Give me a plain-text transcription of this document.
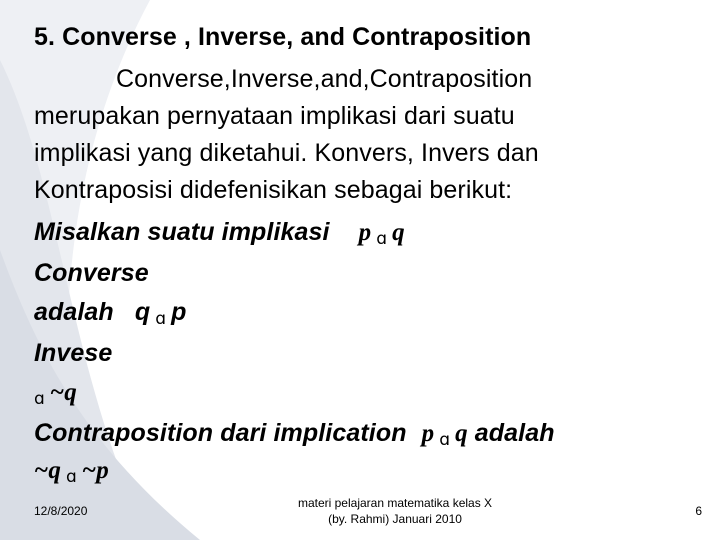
5. Converse , Inverse, and Contraposition
Converse,Inverse,and,Contraposition
merupakan pernyataan implikasi dari suatu
implikasi yang diketahui. Konvers, Invers dan
Kontraposisi didefenisikan sebagai berikut:
Misalkan suatu implikasi p ɑ q
Converse
adalah q ɑ p
Invese
ɑ ~q
Contraposition dari implication p ɑ q adalah
~q ɑ ~p
12/8/2020
materi pelajaran matematika kelas X
(by. Rahmi) Januari 2010
6
